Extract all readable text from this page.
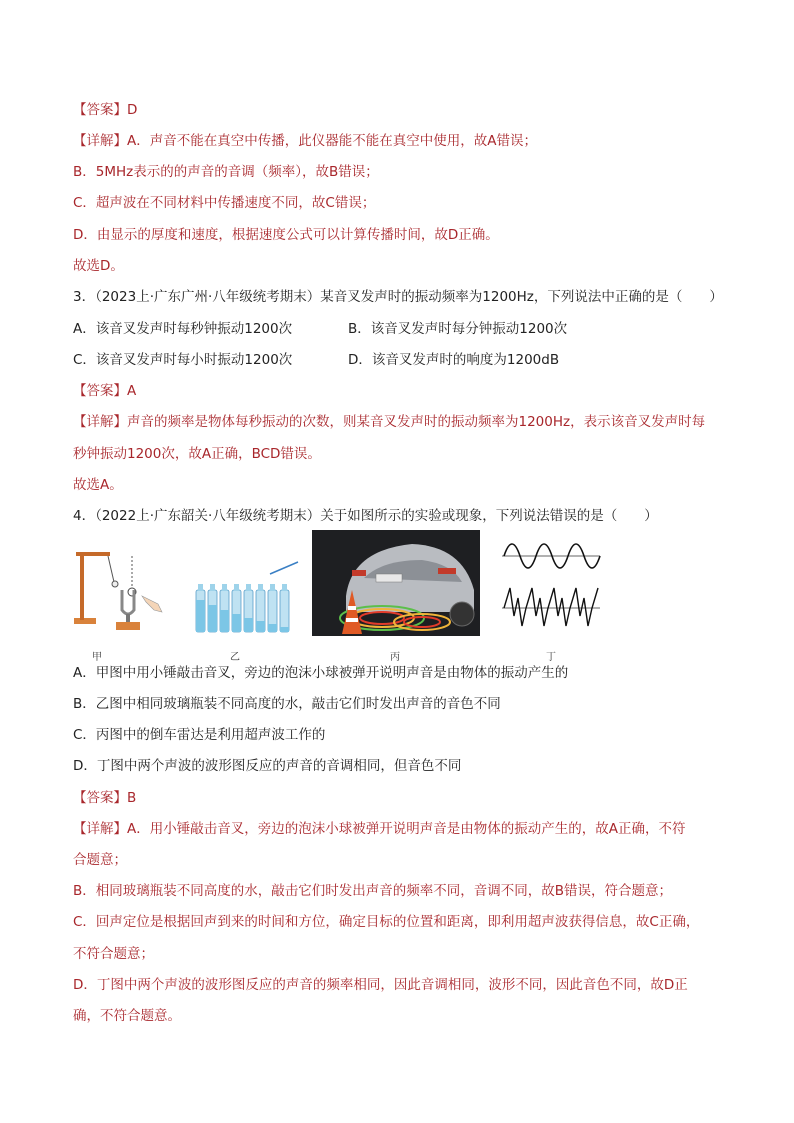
【答案】D
【详解】A．声音不能在真空中传播，此仪器能不能在真空中使用，故A错误；
B．5MHz表示的的声音的音调（频率），故B错误；
C．超声波在不同材料中传播速度不同，故C错误；
D．由显示的厚度和速度，根据速度公式可以计算传播时间，故D正确。
故选D。
3．（2023上·广东广州·八年级统考期末）某音叉发声时的振动频率为1200Hz，下列说法中正确的是（　　）
A．该音叉发声时每秒钟振动1200次	B．该音叉发声时每分钟振动1200次
C．该音叉发声时每小时振动1200次	D．该音叉发声时的响度为1200dB
【答案】A
【详解】声音的频率是物体每秒振动的次数，则某音叉发声时的振动频率为1200Hz，表示该音叉发声时每
秒钟振动1200次，故A正确，BCD错误。
故选A。
4．（2022上·广东韶关·八年级统考期末）关于如图所示的实验或现象，下列说法错误的是（　　）
甲	乙	丙	丁
A．甲图中用小锤敲击音叉，旁边的泡沫小球被弹开说明声音是由物体的振动产生的
B．乙图中相同玻璃瓶装不同高度的水，敲击它们时发出声音的音色不同
C．丙图中的倒车雷达是利用超声波工作的
D．丁图中两个声波的波形图反应的声音的音调相同，但音色不同
【答案】B
【详解】A．用小锤敲击音叉，旁边的泡沫小球被弹开说明声音是由物体的振动产生的，故A正确，不符
合题意；
B．相同玻璃瓶装不同高度的水，敲击它们时发出声音的频率不同，音调不同，故B错误，符合题意；
C．回声定位是根据回声到来的时间和方位，确定目标的位置和距离，即利用超声波获得信息，故C正确，
不符合题意；
D．丁图中两个声波的波形图反应的声音的频率相同，因此音调相同，波形不同，因此音色不同，故D正
确，不符合题意。
